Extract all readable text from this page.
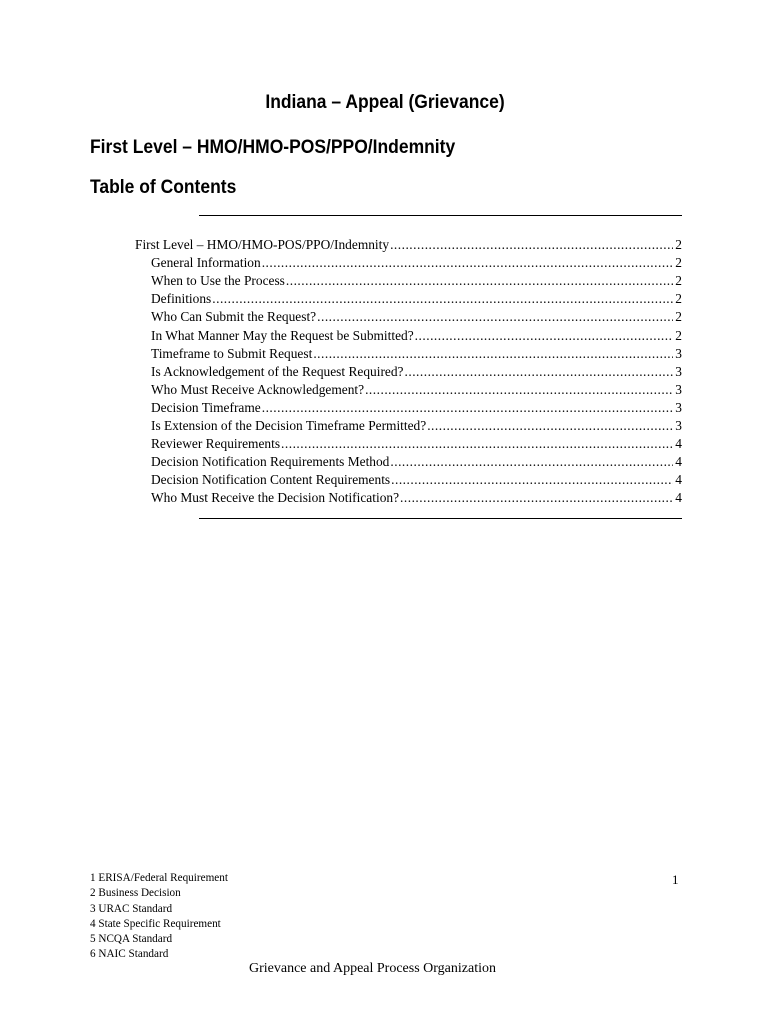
Indiana – Appeal (Grievance)
First Level – HMO/HMO-POS/PPO/Indemnity
Table of Contents
First Level – HMO/HMO-POS/PPO/Indemnity .....	2
General Information .....	2
When to Use the Process .....	2
Definitions .....	2
Who Can Submit the Request? .....	2
In What Manner May the Request be Submitted? .....	2
Timeframe to Submit Request .....	3
Is Acknowledgement of the Request Required? .....	3
Who Must Receive Acknowledgement? .....	3
Decision Timeframe .....	3
Is Extension of the Decision Timeframe Permitted? .....	3
Reviewer Requirements .....	4
Decision Notification Requirements Method .....	4
Decision Notification Content Requirements .....	4
Who Must Receive the Decision Notification? .....	4
1 ERISA/Federal Requirement
2 Business Decision
3 URAC Standard
4 State Specific Requirement
5 NCQA Standard
6 NAIC Standard
1
Grievance and Appeal Process Organization
